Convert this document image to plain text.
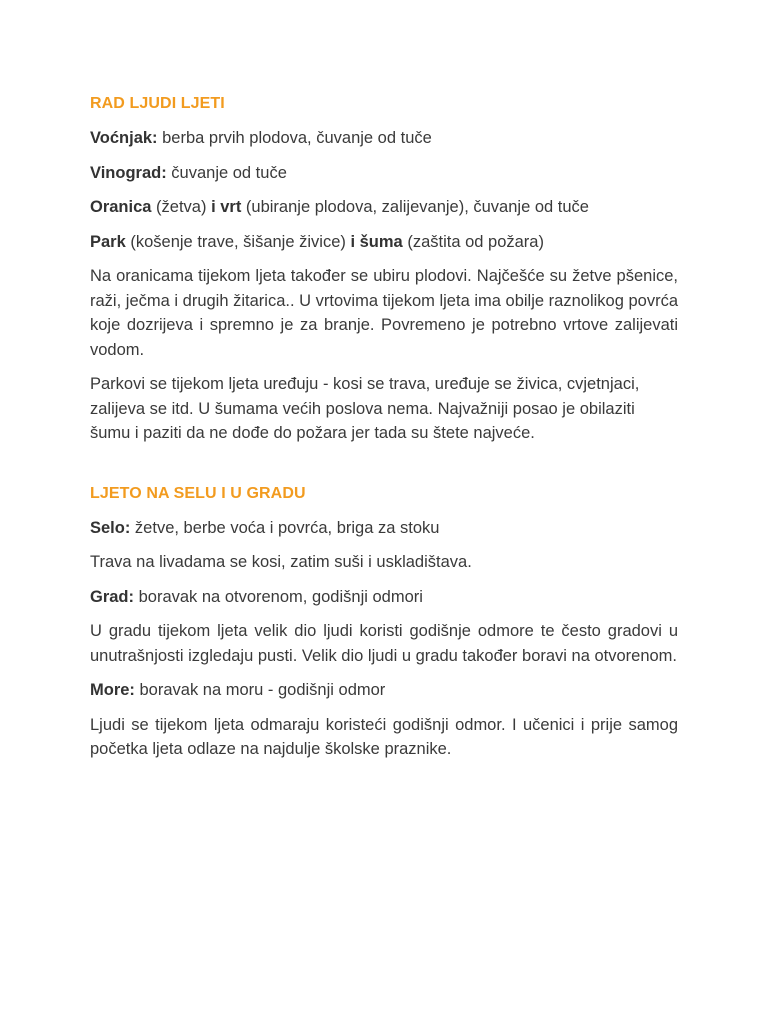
RAD LJUDI LJETI
Voćnjak: berba prvih plodova, čuvanje od tuče
Vinograd: čuvanje od tuče
Oranica (žetva) i vrt (ubiranje plodova, zalijevanje), čuvanje od tuče
Park (košenje trave, šišanje živice) i šuma (zaštita od požara)
Na oranicama tijekom ljeta također se ubiru plodovi. Najčešće su žetve pšenice, raži, ječma i drugih žitarica.. U vrtovima tijekom ljeta ima obilje raznolikog povrća koje dozrijeva i spremno je za branje. Povremeno je potrebno vrtove zalijevati vodom.
Parkovi se tijekom ljeta uređuju - kosi se trava, uređuje se živica, cvjetnjaci, zalijeva se itd. U šumama većih poslova nema. Najvažniji posao je obilaziti šumu i paziti da ne dođe do požara jer tada su štete najveće.
LJETO NA SELU I U GRADU
Selo: žetve, berbe voća i povrća, briga za stoku
Trava na livadama se kosi, zatim suši i uskladištava.
Grad: boravak na otvorenom, godišnji odmori
U gradu tijekom ljeta velik dio ljudi koristi godišnje odmore te često gradovi u unutrašnjosti izgledaju pusti. Velik dio ljudi u gradu također boravi na otvorenom.
More: boravak na moru - godišnji odmor
Ljudi se tijekom ljeta odmaraju koristeći godišnji odmor. I učenici i prije samog početka ljeta odlaze na najdulje školske praznike.
